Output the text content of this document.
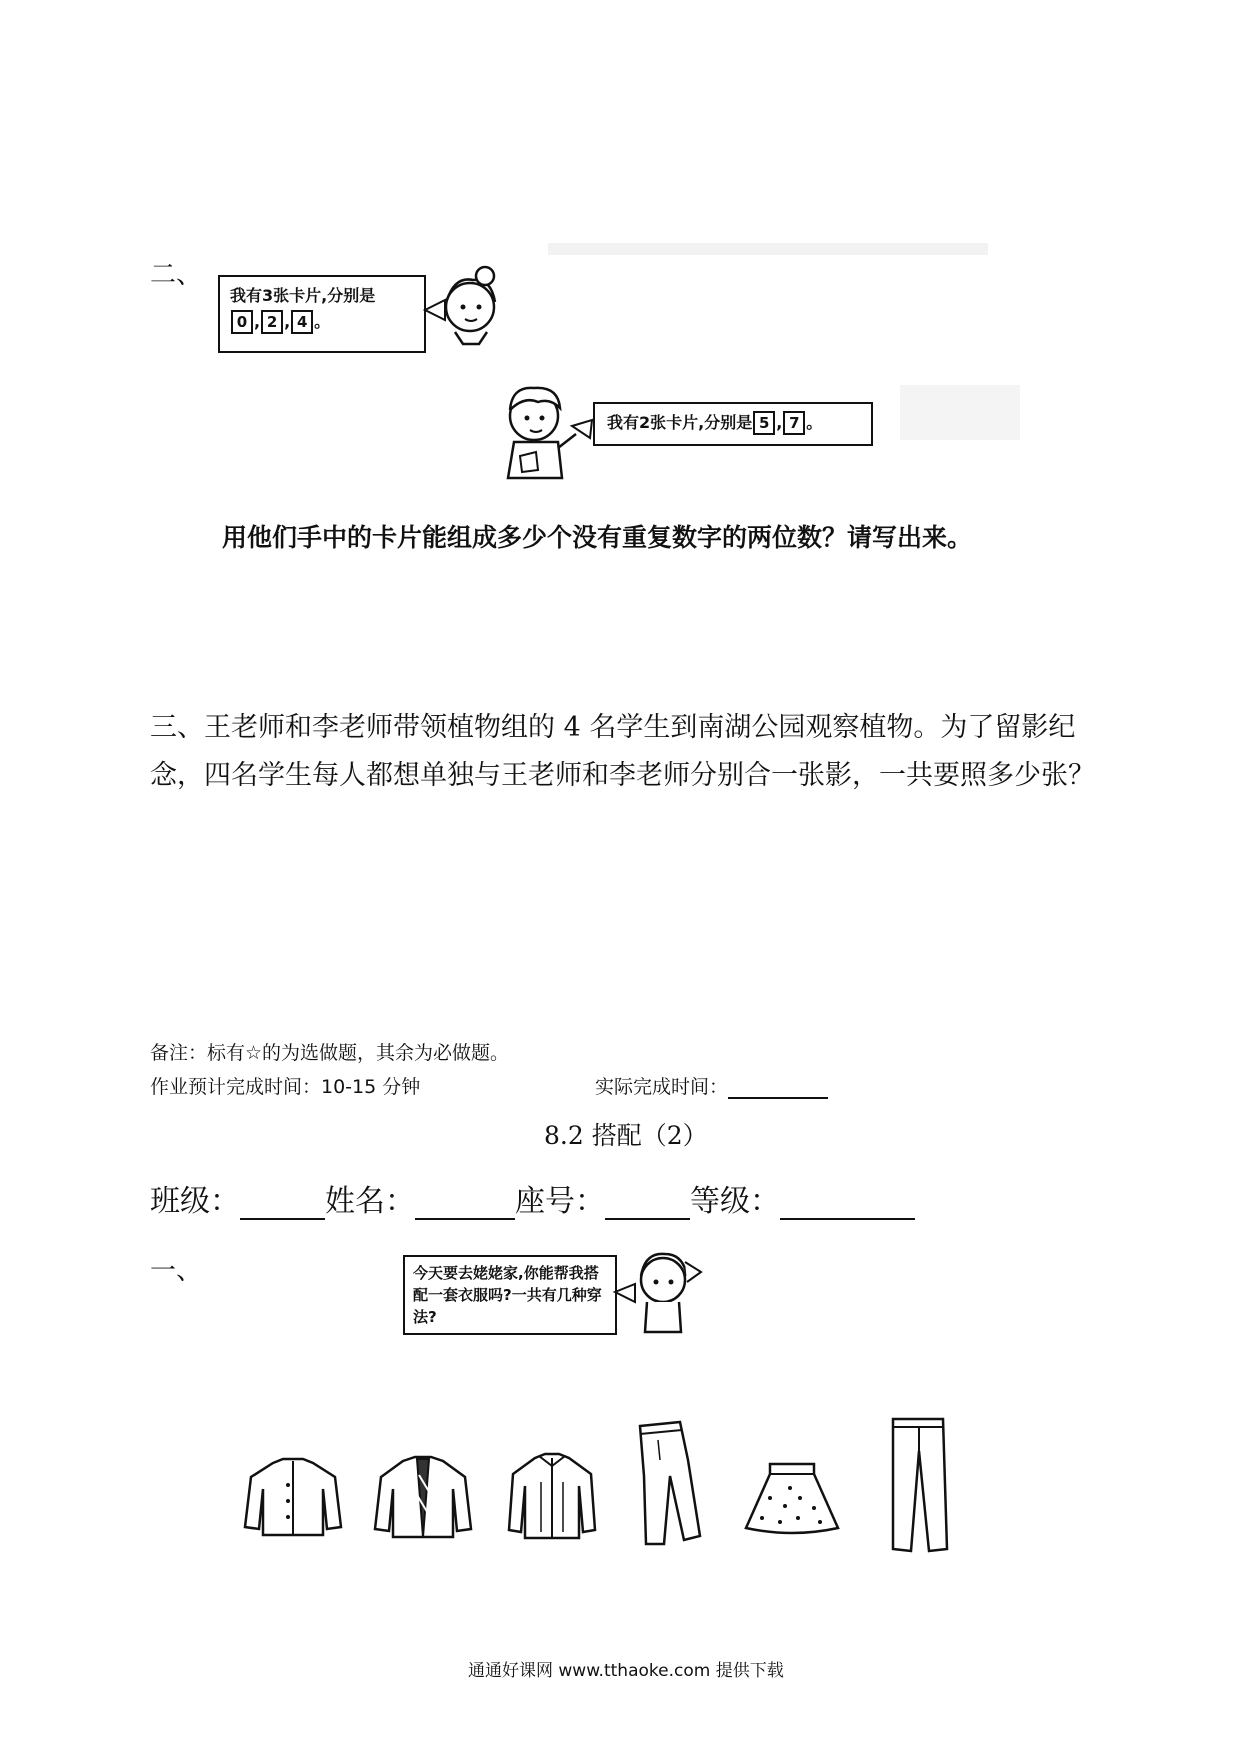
二、
我有3张卡片,分别是
0 , 2 , 4 。
我有2张卡片,分别是 5 , 7 。
用他们手中的卡片能组成多少个没有重复数字的两位数？请写出来。
三、王老师和李老师带领植物组的 4 名学生到南湖公园观察植物。为了留影纪念，四名学生每人都想单独与王老师和李老师分别合一张影，一共要照多少张？
备注：标有☆的为选做题，其余为必做题。
作业预计完成时间：10-15 分钟	实际完成时间：
8.2 搭配（2）
班级：	姓名：	座号：	等级：
一、	今天要去姥姥家,你能帮我搭配一套衣服吗?一共有几种穿法?
通通好课网 www.tthaoke.com 提供下载
